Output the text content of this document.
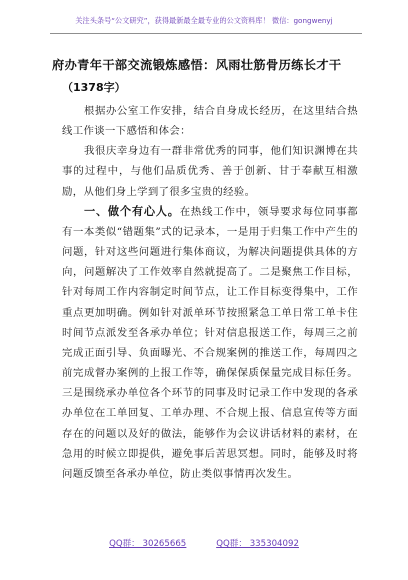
关注头条号“公文研究”，获得最新最全最专业的公文资料库！ 微信：gongwenyj
府办青年干部交流锻炼感悟：风雨壮筋骨历练长才干
（1378字）

根据办公室工作安排，结合自身成长经历，在这里结合热线工作谈一下感悟和体会：

我很庆幸身边有一群非常优秀的同事，他们知识渊博在共事的过程中，与他们品质优秀、善于创新、甘于奉献互相激励，从他们身上学到了很多宝贵的经验。

一、做个有心人。在热线工作中，领导要求每位同事都有一本类似“错题集”式的记录本，一是用于归集工作中产生的问题，针对这些问题进行集体商议，为解决问题提供具体的方向，问题解决了工作效率自然就提高了。二是聚焦工作目标，针对每周工作内容制定时间节点，让工作目标变得集中，工作重点更加明确。例如针对派单环节按照紧急工单日常工单卡住时间节点派发至各承办单位；针对信息报送工作，每周三之前完成正面引导、负面曝光、不合规案例的推送工作，每周四之前完成督办案例的上报工作等，确保保质保量完成目标任务。三是围绕承办单位各个环节的同事及时记录工作中发现的各承办单位在工单回复、工单办理、不合规上报、信息宣传等方面存在的问题以及好的做法，能够作为会议讲话材料的素材，在急用的时候立即提供，避免事后苦思冥想。同时，能够及时将问题反馈至各承办单位，防止类似事情再次发生。

QQ群： 30265665	QQ群： 335304092
